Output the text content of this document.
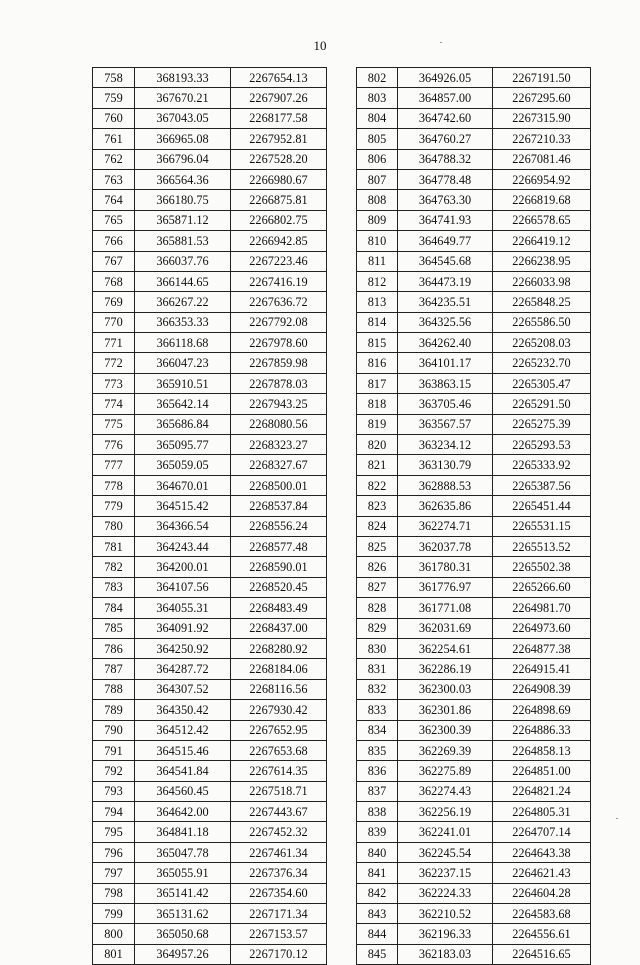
10
758	368193.33	2267654.13
759	367670.21	2267907.26
760	367043.05	2268177.58
761	366965.08	2267952.81
762	366796.04	2267528.20
763	366564.36	2266980.67
764	366180.75	2266875.81
765	365871.12	2266802.75
766	365881.53	2266942.85
767	366037.76	2267223.46
768	366144.65	2267416.19
769	366267.22	2267636.72
770	366353.33	2267792.08
771	366118.68	2267978.60
772	366047.23	2267859.98
773	365910.51	2267878.03
774	365642.14	2267943.25
775	365686.84	2268080.56
776	365095.77	2268323.27
777	365059.05	2268327.67
778	364670.01	2268500.01
779	364515.42	2268537.84
780	364366.54	2268556.24
781	364243.44	2268577.48
782	364200.01	2268590.01
783	364107.56	2268520.45
784	364055.31	2268483.49
785	364091.92	2268437.00
786	364250.92	2268280.92
787	364287.72	2268184.06
788	364307.52	2268116.56
789	364350.42	2267930.42
790	364512.42	2267652.95
791	364515.46	2267653.68
792	364541.84	2267614.35
793	364560.45	2267518.71
794	364642.00	2267443.67
795	364841.18	2267452.32
796	365047.78	2267461.34
797	365055.91	2267376.34
798	365141.42	2267354.60
799	365131.62	2267171.34
800	365050.68	2267153.57
801	364957.26	2267170.12
802	364926.05	2267191.50
803	364857.00	2267295.60
804	364742.60	2267315.90
805	364760.27	2267210.33
806	364788.32	2267081.46
807	364778.48	2266954.92
808	364763.30	2266819.68
809	364741.93	2266578.65
810	364649.77	2266419.12
811	364545.68	2266238.95
812	364473.19	2266033.98
813	364235.51	2265848.25
814	364325.56	2265586.50
815	364262.40	2265208.03
816	364101.17	2265232.70
817	363863.15	2265305.47
818	363705.46	2265291.50
819	363567.57	2265275.39
820	363234.12	2265293.53
821	363130.79	2265333.92
822	362888.53	2265387.56
823	362635.86	2265451.44
824	362274.71	2265531.15
825	362037.78	2265513.52
826	361780.31	2265502.38
827	361776.97	2265266.60
828	361771.08	2264981.70
829	362031.69	2264973.60
830	362254.61	2264877.38
831	362286.19	2264915.41
832	362300.03	2264908.39
833	362301.86	2264898.69
834	362300.39	2264886.33
835	362269.39	2264858.13
836	362275.89	2264851.00
837	362274.43	2264821.24
838	362256.19	2264805.31
839	362241.01	2264707.14
840	362245.54	2264643.38
841	362237.15	2264621.43
842	362224.33	2264604.28
843	362210.52	2264583.68
844	362196.33	2264556.61
845	362183.03	2264516.65
